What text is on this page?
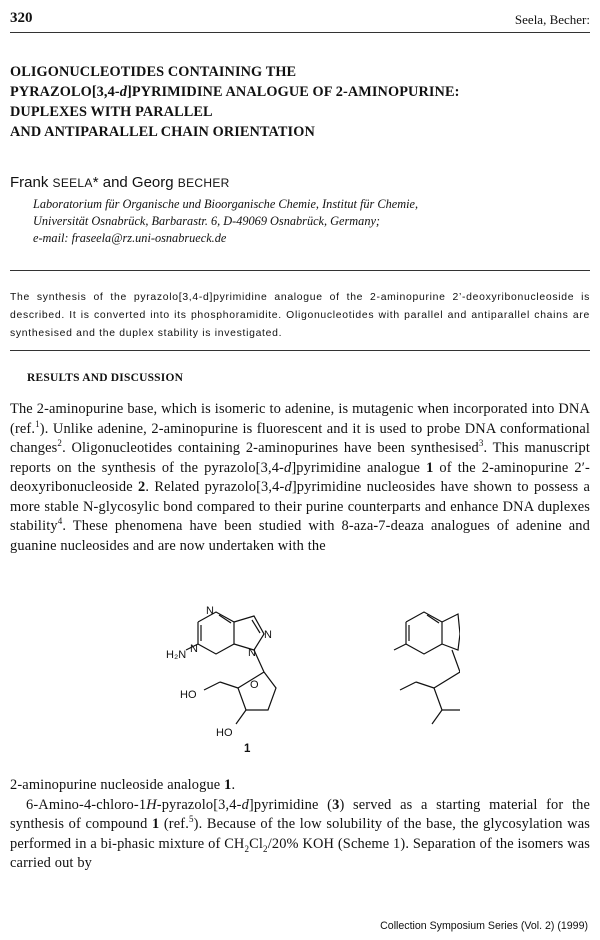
320	Seela, Becher:
OLIGONUCLEOTIDES CONTAINING THE
PYRAZOLO[3,4-d]PYRIMIDINE ANALOGUE OF 2-AMINOPURINE:
DUPLEXES WITH PARALLEL
AND ANTIPARALLEL CHAIN ORIENTATION
Frank SEELA* and Georg BECHER
Laboratorium für Organische und Bioorganische Chemie, Institut für Chemie,
Universität Osnabrück, Barbarastr. 6, D-49069 Osnabrück, Germany;
e-mail: fraseela@rz.uni-osnabrueck.de
The synthesis of the pyrazolo[3,4-d]pyrimidine analogue of the 2-aminopurine 2’-deoxyribonucleoside is described. It is converted into its phosphoramidite. Oligonucleotides with parallel and antiparallel chains are synthesised and the duplex stability is investigated.
RESULTS AND DISCUSSION
The 2-aminopurine base, which is isomeric to adenine, is mutagenic when incorporated into DNA (ref.$^1$). Unlike adenine, 2-aminopurine is fluorescent and it is used to probe DNA conformational changes$^2$. Oligonucleotides containing 2-aminopurines have been synthesised$^3$. This manuscript reports on the synthesis of the pyrazolo[3,4-d]pyrimidine analogue 1 of the 2-aminopurine 2′-deoxyribonucleoside 2. Related pyrazolo[3,4-d]pyrimidine nucleosides have shown to possess a more stable N-glycosylic bond compared to their purine counterparts and enhance DNA duplexes stability$^4$. These phenomena have been studied with 8-aza-7-deaza analogues of adenine and guanine nucleosides and are now undertaken with the
N
N	N
N
H₂N
O
HO
HO
1
2-aminopurine nucleoside analogue 1.
6-Amino-4-chloro-1H-pyrazolo[3,4-d]pyrimidine (3) served as a starting material for the synthesis of compound 1 (ref.$^5$). Because of the low solubility of the base, the glycosylation was performed in a bi-phasic mixture of $CH_2Cl_2/20\%$ KOH (Scheme 1). Separation of the isomers was carried out by
Collection Symposium Series (Vol. 2) (1999)
